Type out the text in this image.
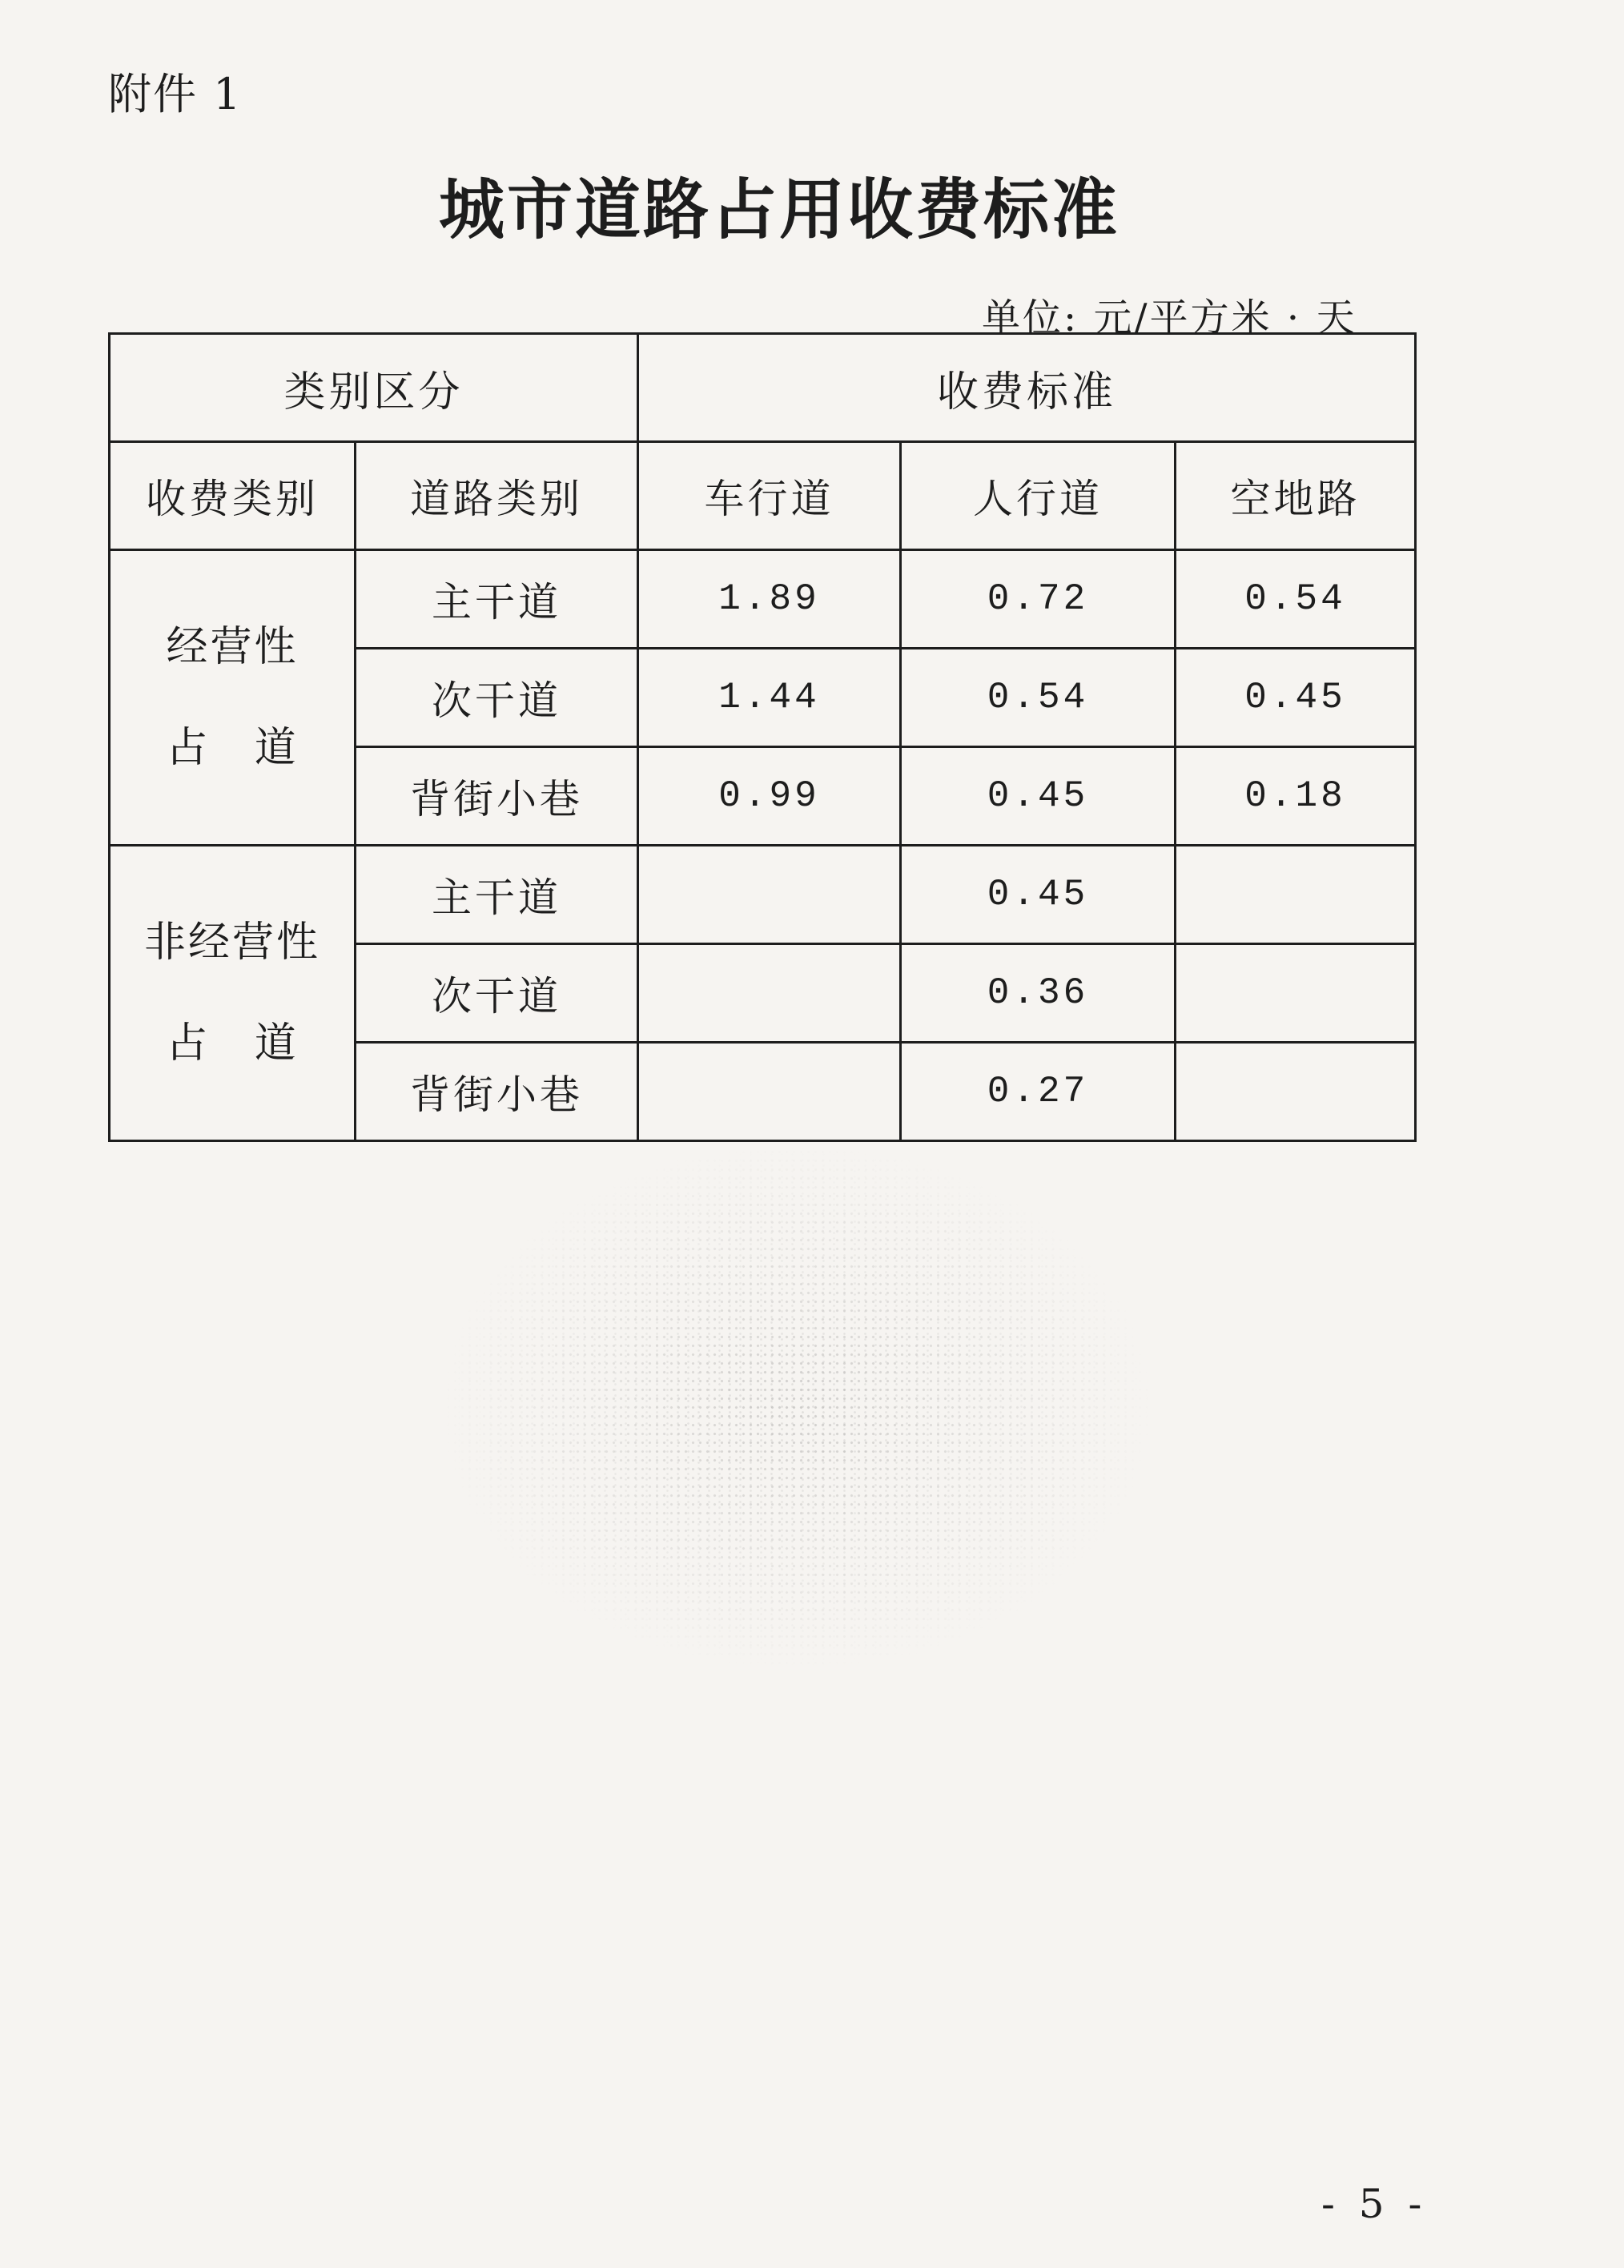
附件 1
城市道路占用收费标准
单位: 元/平方米 · 天
类别区分		收费标准		
收费类别	道路类别	车行道	人行道	空地路

经营性
占 道	主干道	1.89	0.72	0.54
	次干道	1.44	0.54	0.45
	背街小巷	0.99	0.45	0.18

非经营性
占 道	主干道		0.45	
	次干道		0.36	
	背街小巷		0.27	
- 5 -
